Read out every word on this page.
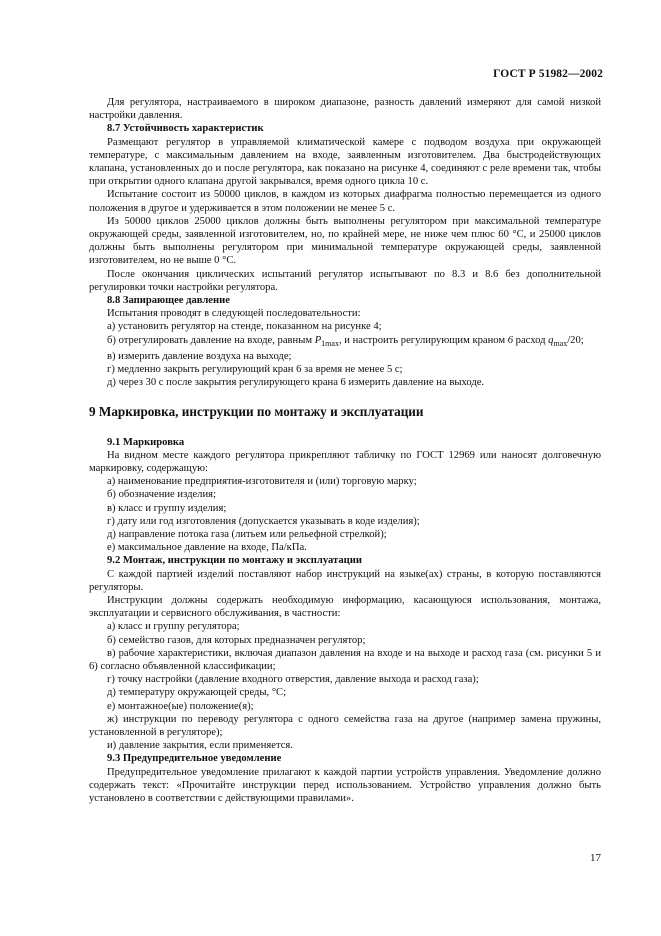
ГОСТ Р 51982—2002

Для регулятора, настраиваемого в широком диапазоне, разность давлений измеряют для самой низкой настройки давления.

8.7 Устойчивость характеристик

Размещают регулятор в управляемой климатической камере с подводом воздуха при окружающей температуре, с максимальным давлением на входе, заявленным изготовителем. Два быстродействующих клапана, установленных до и после регулятора, как показано на рисунке 4, соединяют с реле времени так, чтобы при открытии одного клапана другой закрывался, время одного цикла 10 с.

Испытание состоит из 50000 циклов, в каждом из которых диафрагма полностью перемещается из одного положения в другое и удерживается в этом положении не менее 5 с.

Из 50000 циклов 25000 циклов должны быть выполнены регулятором при максимальной температуре окружающей среды, заявленной изготовителем, но, по крайней мере, не ниже чем плюс 60 °С, и 25000 циклов должны быть выполнены регулятором при минимальной температуре окружающей среды, заявленной изготовителем, но не выше 0 °С.

После окончания циклических испытаний регулятор испытывают по 8.3 и 8.6 без дополнительной регулировки точки настройки регулятора.

8.8 Запирающее давление

Испытания проводят в следующей последовательности:

а) установить регулятор на стенде, показанном на рисунке 4;

б) отрегулировать давление на входе, равным $P_{1max}$, и настроить регулирующим краном 6 расход $q_{max}/20$;

в) измерить давление воздуха на выходе;

г) медленно закрыть регулирующий кран 6 за время не менее 5 с;

д) через 30 с после закрытия регулирующего крана 6 измерить давление на выходе.

9 Маркировка, инструкции по монтажу и эксплуатации

9.1 Маркировка

На видном месте каждого регулятора прикрепляют табличку по ГОСТ 12969 или наносят долговечную маркировку, содержащую:

а) наименование предприятия-изготовителя и (или) торговую марку;

б) обозначение изделия;

в) класс и группу изделия;

г) дату или год изготовления (допускается указывать в коде изделия);

д) направление потока газа (литьем или рельефной стрелкой);

е) максимальное давление на входе, Па/кПа.

9.2 Монтаж, инструкции по монтажу и эксплуатации

С каждой партией изделий поставляют набор инструкций на языке(ах) страны, в которую поставляются регуляторы.

Инструкции должны содержать необходимую информацию, касающуюся использования, монтажа, эксплуатации и сервисного обслуживания, в частности:

а) класс и группу регулятора;

б) семейство газов, для которых предназначен регулятор;

в) рабочие характеристики, включая диапазон давления на входе и на выходе и расход газа (см. рисунки 5 и 6) согласно объявленной классификации;

г) точку настройки (давление входного отверстия, давление выхода и расход газа);

д) температуру окружающей среды, °С;

е) монтажное(ые) положение(я);

ж) инструкции по переводу регулятора с одного семейства газа на другое (например замена пружины, установленной в регуляторе);

и) давление закрытия, если применяется.

9.3 Предупредительное уведомление

Предупредительное уведомление прилагают к каждой партии устройств управления. Уведомление должно содержать текст: «Прочитайте инструкции перед использованием. Устройство управления должно быть установлено в соответствии с действующими правилами».

17
